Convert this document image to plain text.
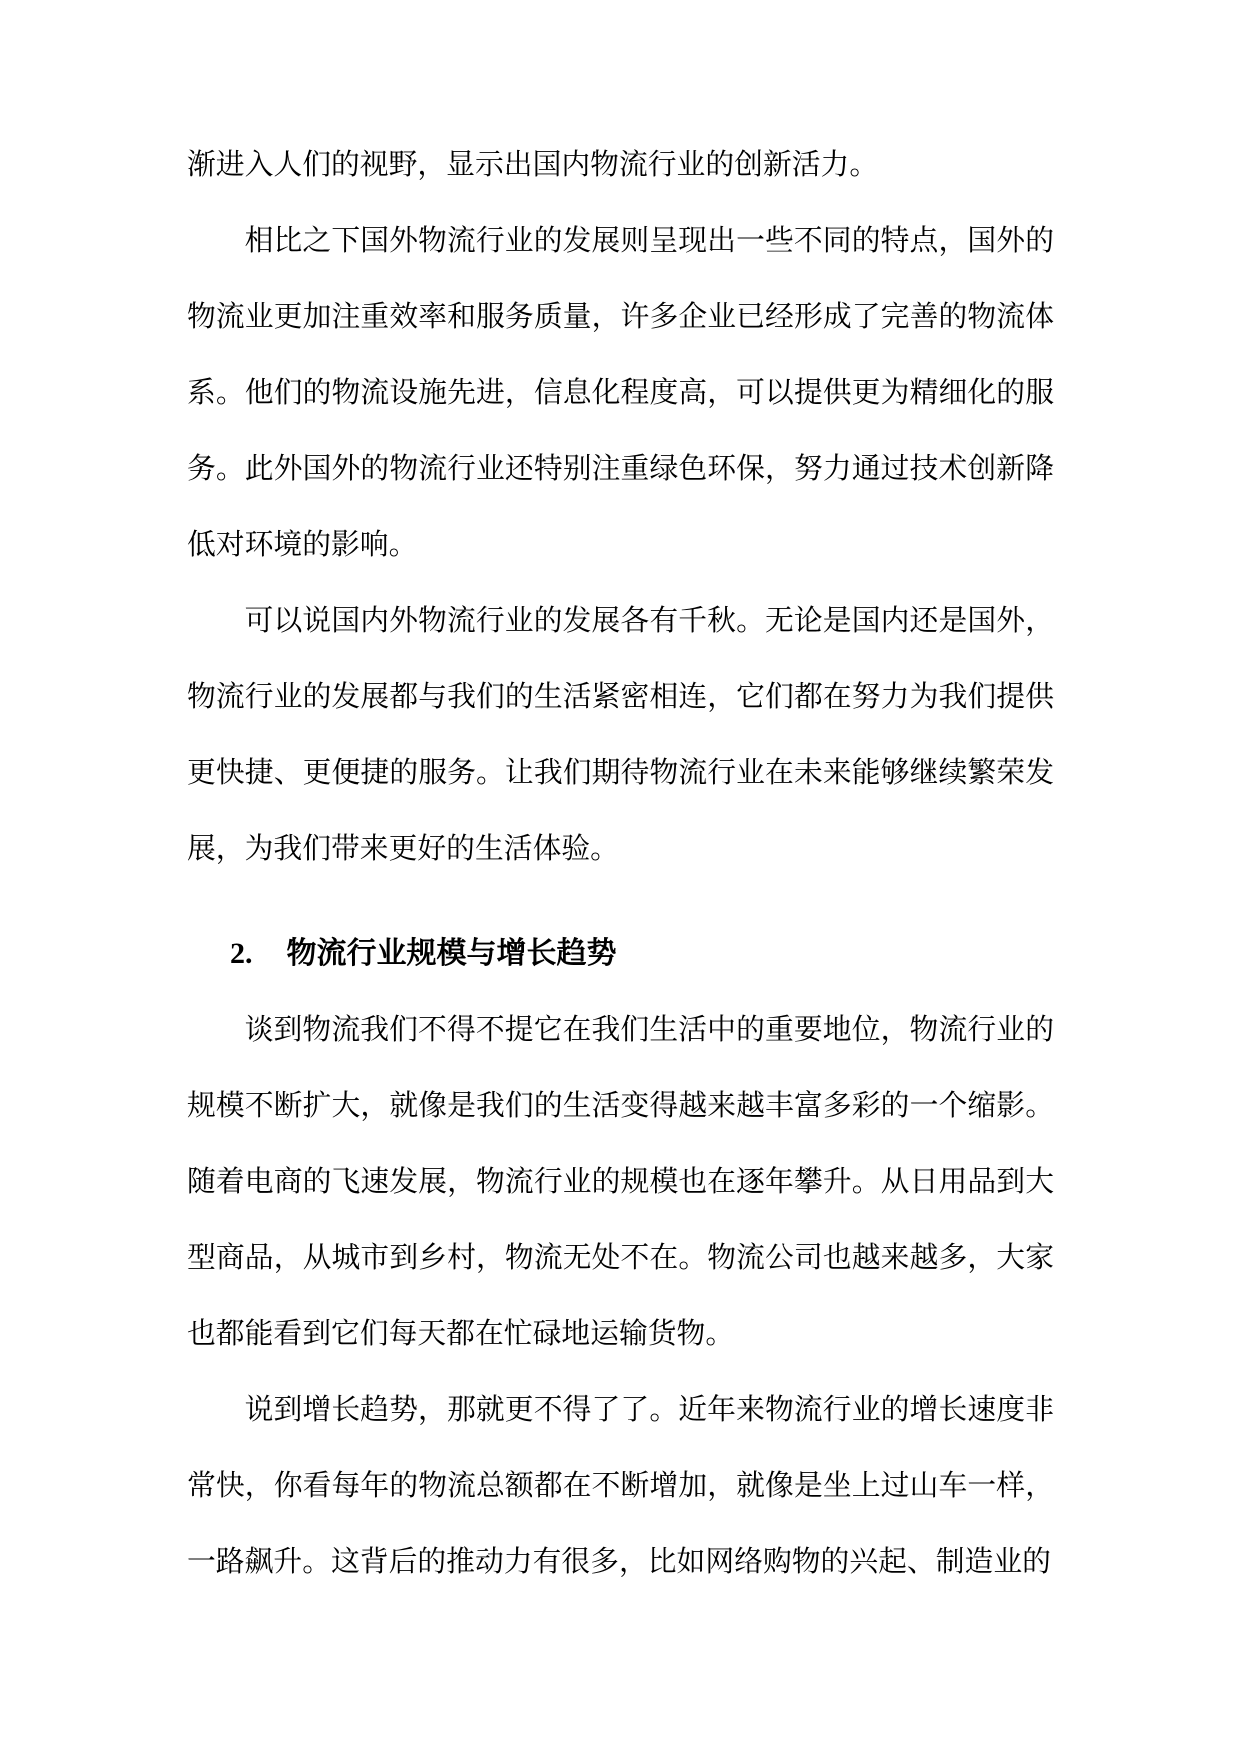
渐进入人们的视野，显示出国内物流行业的创新活力。

相比之下国外物流行业的发展则呈现出一些不同的特点，国外的物流业更加注重效率和服务质量，许多企业已经形成了完善的物流体系。他们的物流设施先进，信息化程度高，可以提供更为精细化的服务。此外国外的物流行业还特别注重绿色环保，努力通过技术创新降低对环境的影响。

可以说国内外物流行业的发展各有千秋。无论是国内还是国外，物流行业的发展都与我们的生活紧密相连，它们都在努力为我们提供更快捷、更便捷的服务。让我们期待物流行业在未来能够继续繁荣发展，为我们带来更好的生活体验。

2. 物流行业规模与增长趋势

谈到物流我们不得不提它在我们生活中的重要地位，物流行业的规模不断扩大，就像是我们的生活变得越来越丰富多彩的一个缩影。随着电商的飞速发展，物流行业的规模也在逐年攀升。从日用品到大型商品，从城市到乡村，物流无处不在。物流公司也越来越多，大家也都能看到它们每天都在忙碌地运输货物。

说到增长趋势，那就更不得了了。近年来物流行业的增长速度非常快，你看每年的物流总额都在不断增加，就像是坐上过山车一样，一路飙升。这背后的推动力有很多，比如网络购物的兴起、制造业的
